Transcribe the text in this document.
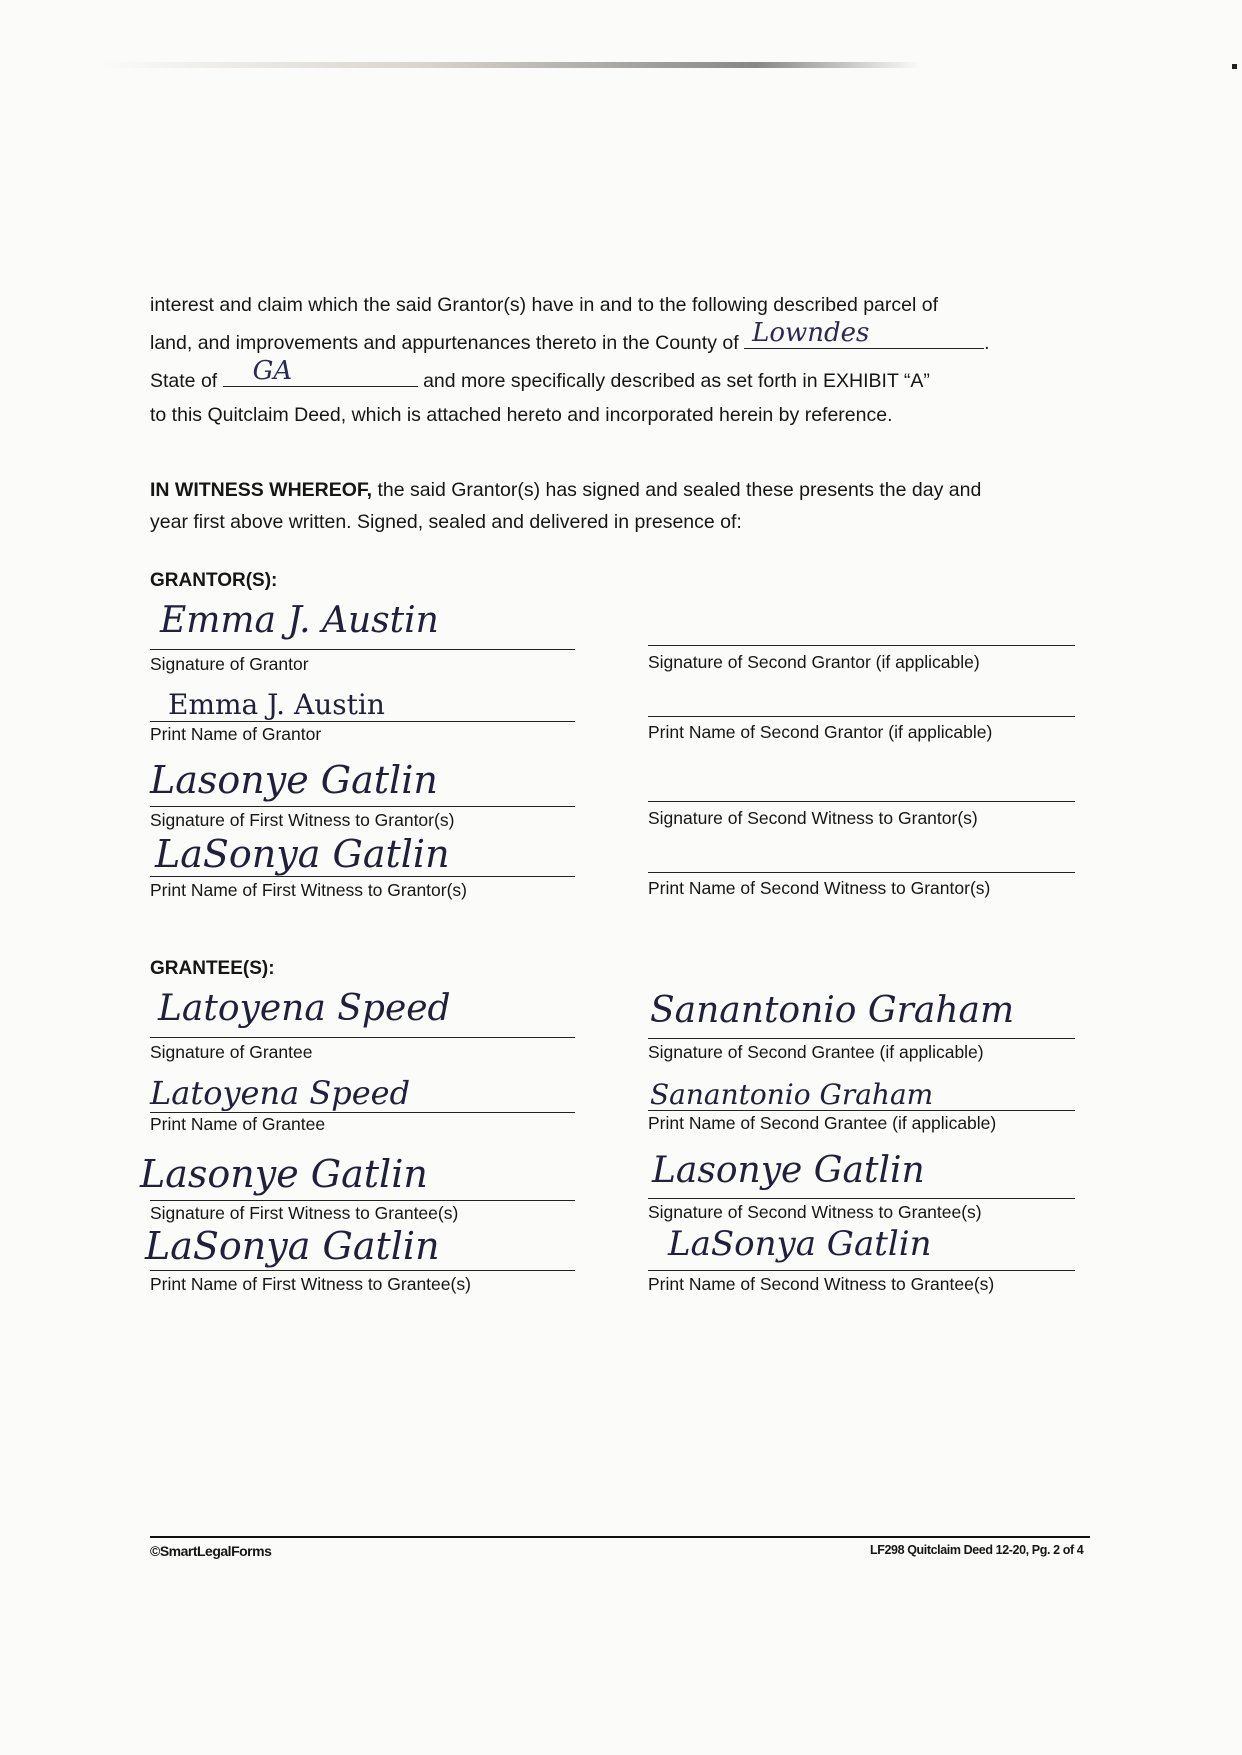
interest and claim which the said Grantor(s) have in and to the following described parcel of

land, and improvements and appurtenances thereto in the County of Lowndes	.

State of GA	and more specifically described as set forth in EXHIBIT “A”

to this Quitclaim Deed, which is attached hereto and incorporated herein by reference.

IN WITNESS WHEREOF, the said Grantor(s) has signed and sealed these presents the day and

year first above written. Signed, sealed and delivered in presence of:

GRANTOR(S):
Emma J. Austin
Signature of Grantor
Emma J. Austin
Print Name of Grantor
Lasonye Gatlin
Signature of First Witness to Grantor(s)
LaSonya Gatlin
Print Name of First Witness to Grantor(s)
Signature of Second Grantor (if applicable)
Print Name of Second Grantor (if applicable)
Signature of Second Witness to Grantor(s)
Print Name of Second Witness to Grantor(s)
GRANTEE(S):
Latoyena Speed
Signature of Grantee
Latoyena Speed
Print Name of Grantee
Lasonye Gatlin
Signature of First Witness to Grantee(s)
LaSonya Gatlin
Print Name of First Witness to Grantee(s)
Sanantonio Graham
Signature of Second Grantee (if applicable)
Sanantonio Graham
Print Name of Second Grantee (if applicable)
Lasonye Gatlin
Signature of Second Witness to Grantee(s)
LaSonya Gatlin
Print Name of Second Witness to Grantee(s)
©SmartLegalForms	LF298 Quitclaim Deed 12-20, Pg. 2 of 4
